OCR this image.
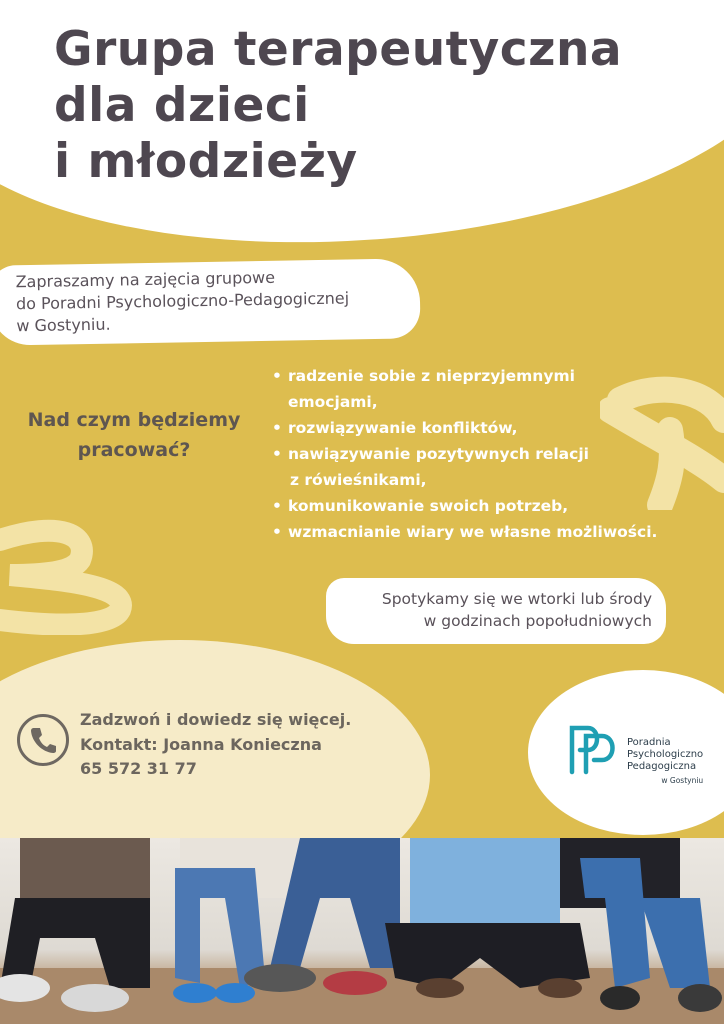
Grupa terapeutyczna
dla dzieci
i młodzieży
Zapraszamy na zajęcia grupowe
do Poradni Psychologiczno-Pedagogicznej
w Gostyniu.
Nad czym będziemy
pracować?
• radzenie sobie z nieprzyjemnymi
emocjami,
• rozwiązywanie konfliktów,
• nawiązywanie pozytywnych relacji
z rówieśnikami,
• komunikowanie swoich potrzeb,
• wzmacnianie wiary we własne możliwości.
Spotykamy się we wtorki lub środy
w godzinach popołudniowych
Zadzwoń i dowiedz się więcej.
Kontakt: Joanna Konieczna
65 572 31 77
Poradnia
Psychologiczno
Pedagogiczna
w Gostyniu
